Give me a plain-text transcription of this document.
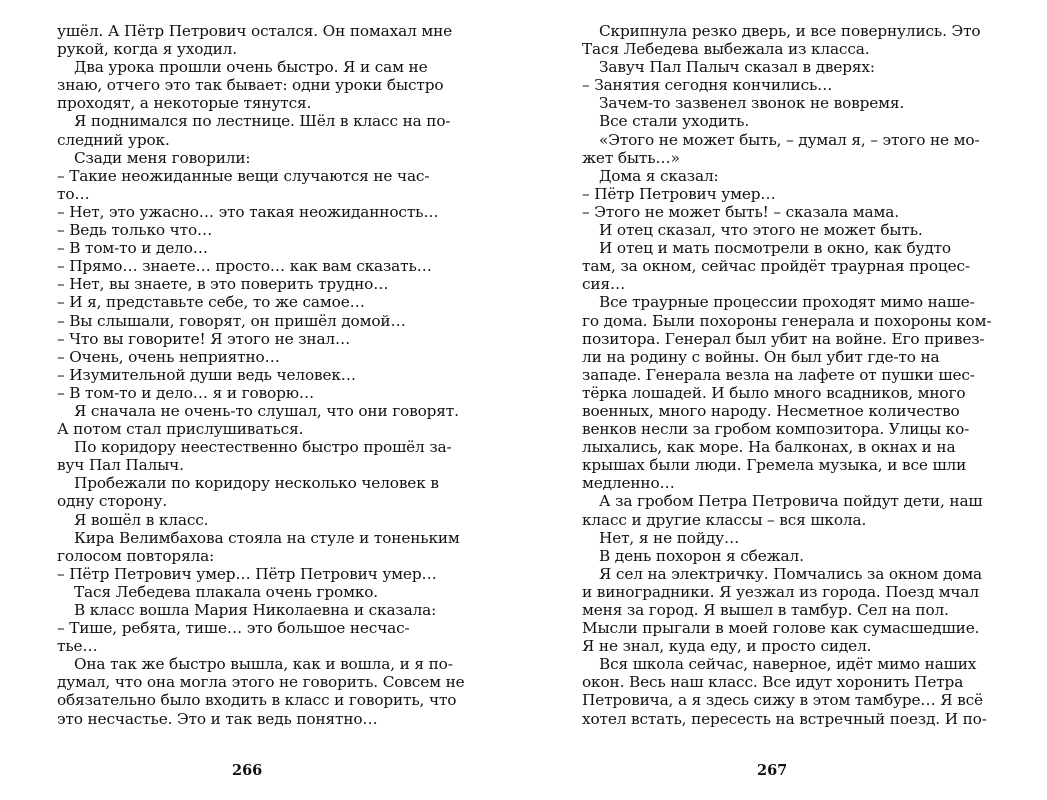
ушёл. А Пётр Петрович остался. Он помахал мне
рукой, когда я уходил.
Два урока прошли очень быстро. Я и сам не
знаю, отчего это так бывает: одни уроки быстро
проходят, а некоторые тянутся.
Я поднимался по лестнице. Шёл в класс на по-
следний урок.
Сзади меня говорили:
– Такие неожиданные вещи случаются не час-
то…
– Нет, это ужасно… это такая неожиданность…
– Ведь только что…
– В том-то и дело…
– Прямо… знаете… просто… как вам сказать…
– Нет, вы знаете, в это поверить трудно…
– И я, представьте себе, то же самое…
– Вы слышали, говорят, он пришёл домой…
– Что вы говорите! Я этого не знал…
– Очень, очень неприятно…
– Изумительной души ведь человек…
– В том-то и дело… я и говорю…
Я сначала не очень-то слушал, что они говорят.
А потом стал прислушиваться.
По коридору неестественно быстро прошёл за-
вуч Пал Палыч.
Пробежали по коридору несколько человек в
одну сторону.
Я вошёл в класс.
Кира Велимбахова стояла на стуле и тоненьким
голосом повторяла:
– Пётр Петрович умер… Пётр Петрович умер…
Тася Лебедева плакала очень громко.
В класс вошла Мария Николаевна и сказала:
– Тише, ребята, тише… это большое несчас-
тье…
Она так же быстро вышла, как и вошла, и я по-
думал, что она могла этого не говорить. Совсем не
обязательно было входить в класс и говорить, что
это несчастье. Это и так ведь понятно…
Скрипнула резко дверь, и все повернулись. Это
Тася Лебедева выбежала из класса.
Завуч Пал Палыч сказал в дверях:
– Занятия сегодня кончились…
Зачем-то зазвенел звонок не вовремя.
Все стали уходить.
«Этого не может быть, – думал я, – этого не мо-
жет быть…»
Дома я сказал:
– Пётр Петрович умер…
– Этого не может быть! – сказала мама.
И отец сказал, что этого не может быть.
И отец и мать посмотрели в окно, как будто
там, за окном, сейчас пройдёт траурная процес-
сия…
Все траурные процессии проходят мимо наше-
го дома. Были похороны генерала и похороны ком-
позитора. Генерал был убит на войне. Его привез-
ли на родину с войны. Он был убит где-то на
западе. Генерала везла на лафете от пушки шес-
тёрка лошадей. И было много всадников, много
военных, много народу. Несметное количество
венков несли за гробом композитора. Улицы ко-
лыхались, как море. На балконах, в окнах и на
крышах были люди. Гремела музыка, и все шли
медленно…
А за гробом Петра Петровича пойдут дети, наш
класс и другие классы – вся школа.
Нет, я не пойду…
В день похорон я сбежал.
Я сел на электричку. Помчались за окном дома
и виноградники. Я уезжал из города. Поезд мчал
меня за город. Я вышел в тамбур. Сел на пол.
Мысли прыгали в моей голове как сумасшедшие.
Я не знал, куда еду, и просто сидел.
Вся школа сейчас, наверное, идёт мимо наших
окон. Весь наш класс. Все идут хоронить Петра
Петровича, а я здесь сижу в этом тамбуре… Я всё
хотел встать, пересесть на встречный поезд. И по-
266	267
